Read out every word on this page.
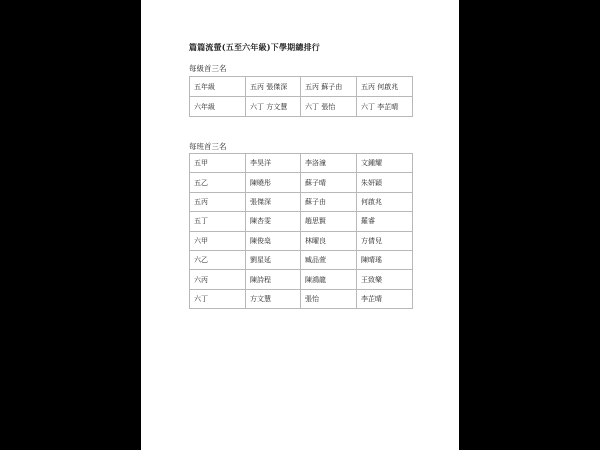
篇篇流螢(五至六年級)下學期總排行
每級首三名
五年級	五丙 張傑深	五丙 蘇子由	五丙 何啟兆
六年級	六丁 方文慧	六丁 張怡	六丁 李芷晴
每班首三名
五甲	李昊洋	李洛潼	文鍾耀
五乙	陳曉彤	蘇子晴	朱妍穎
五丙	張傑深	蘇子由	何啟兆
五丁	陳杏雯	趙思賢	羅睿
六甲	陳俊燊	林曜良	方倩兒
六乙	劉星延	臧品萱	陳晴瑤
六丙	陳詩程	陳鴻龍	王致樂
六丁	方文慧	張怡	李芷晴
